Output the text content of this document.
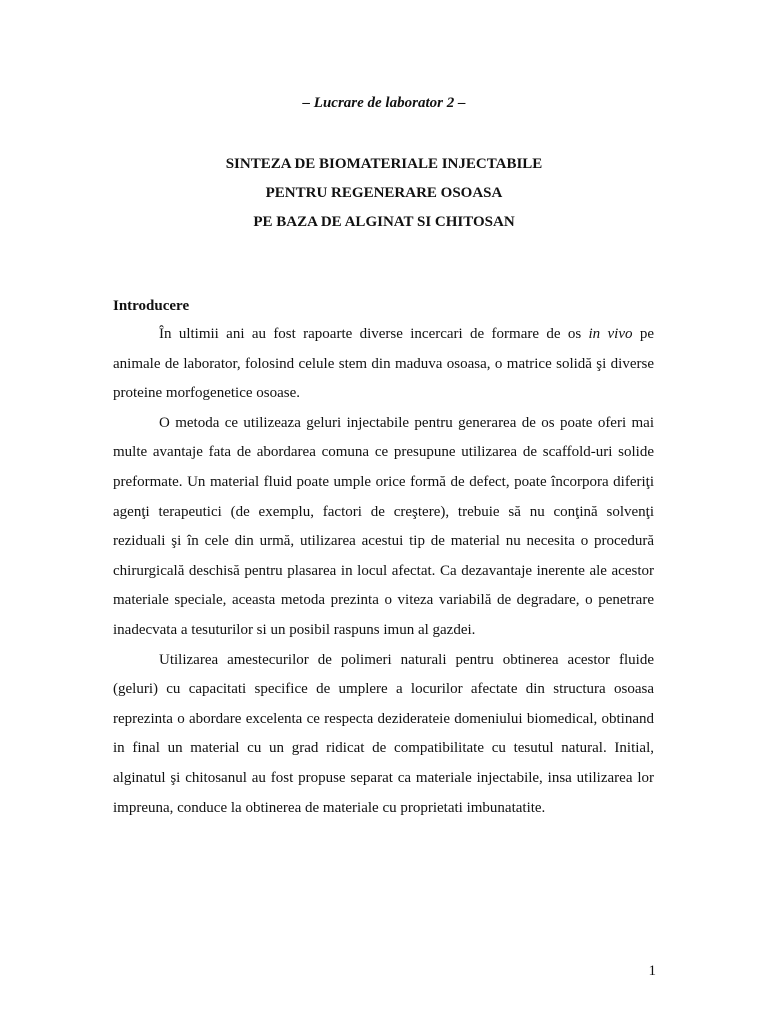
– Lucrare de laborator 2 –

SINTEZA DE BIOMATERIALE INJECTABILE
PENTRU REGENERARE OSOASA
PE BAZA DE ALGINAT SI CHITOSAN
Introducere

În ultimii ani au fost rapoarte diverse incercari de formare de os in vivo pe animale de laborator, folosind celule stem din maduva osoasa, o matrice solidă şi diverse proteine morfogenetice osoase.

O metoda ce utilizeaza geluri injectabile pentru generarea de os poate oferi mai multe avantaje fata de abordarea comuna ce presupune utilizarea de scaffold-uri solide preformate. Un material fluid poate umple orice formă de defect, poate încorpora diferiţi agenţi terapeutici (de exemplu, factori de creştere), trebuie să nu conţină solvenţi reziduali şi în cele din urmă, utilizarea acestui tip de material nu necesita o procedură chirurgicală deschisă pentru plasarea in locul afectat. Ca dezavantaje inerente ale acestor materiale speciale, aceasta metoda prezinta o viteza variabilă de degradare, o penetrare inadecvata a tesuturilor si un posibil raspuns imun al gazdei.

Utilizarea amestecurilor de polimeri naturali pentru obtinerea acestor fluide (geluri) cu capacitati specifice de umplere a locurilor afectate din structura osoasa reprezinta o abordare excelenta ce respecta deziderateie domeniului biomedical, obtinand in final un material cu un grad ridicat de compatibilitate cu tesutul natural. Initial, alginatul şi chitosanul au fost propuse separat ca materiale injectabile, insa utilizarea lor impreuna, conduce la obtinerea de materiale cu proprietati imbunatatite.

1
